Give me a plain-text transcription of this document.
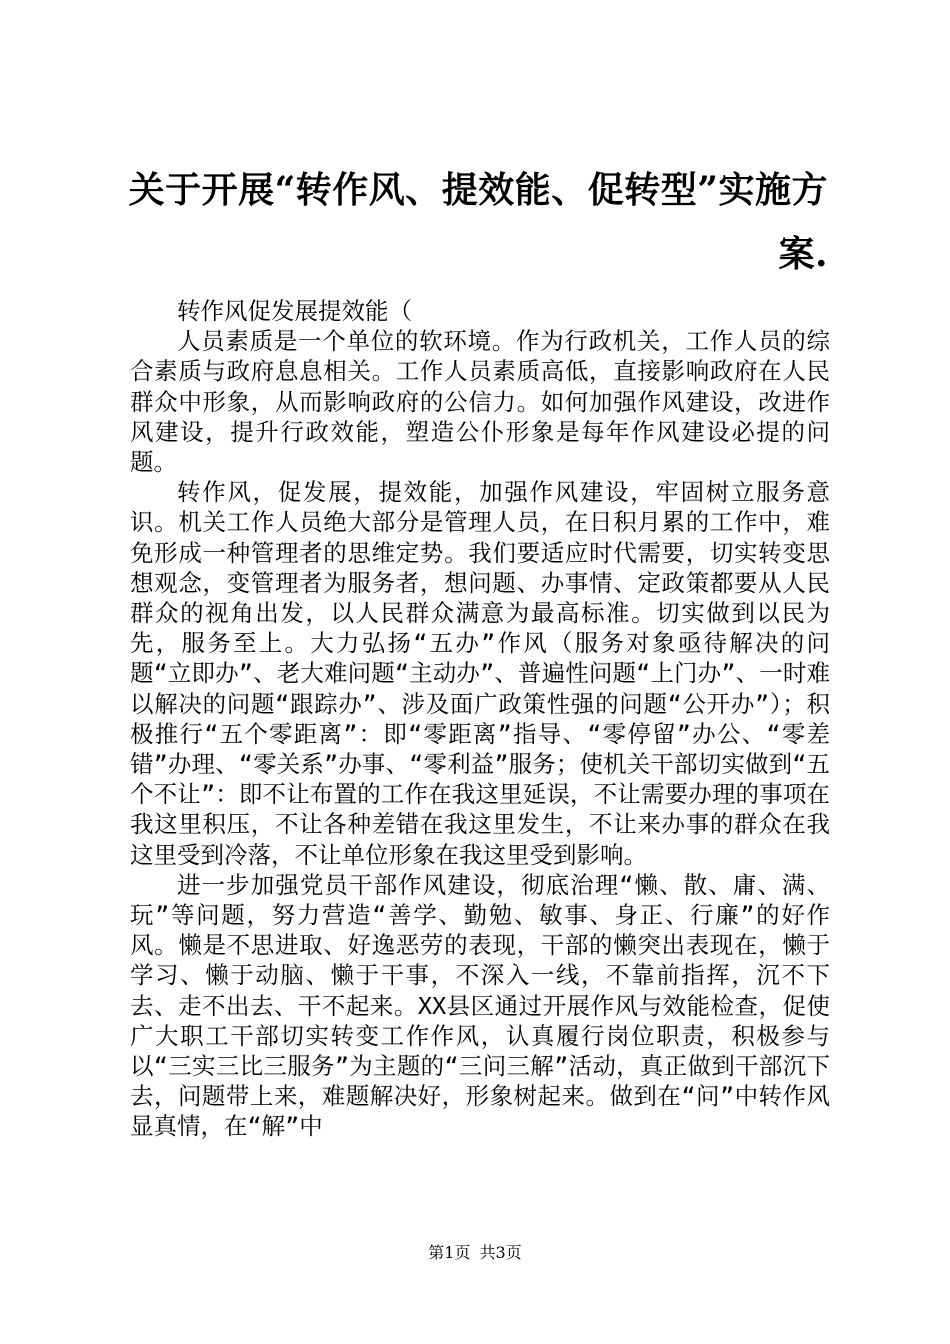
关于开展“转作风、提效能、促转型”实施方
案.

转作风促发展提效能（

人员素质是一个单位的软环境。作为行政机关，工作人员的综合素质与政府息息相关。工作人员素质高低，直接影响政府在人民群众中形象，从而影响政府的公信力。如何加强作风建设，改进作风建设，提升行政效能，塑造公仆形象是每年作风建设必提的问题。

转作风，促发展，提效能，加强作风建设，牢固树立服务意识。机关工作人员绝大部分是管理人员，在日积月累的工作中，难免形成一种管理者的思维定势。我们要适应时代需要，切实转变思想观念，变管理者为服务者，想问题、办事情、定政策都要从人民群众的视角出发，以人民群众满意为最高标准。切实做到以民为先，服务至上。大力弘扬“五办”作风（服务对象亟待解决的问题“立即办”、老大难问题“主动办”、普遍性问题“上门办”、一时难以解决的问题“跟踪办”、涉及面广政策性强的问题“公开办”）；积极推行“五个零距离”：即“零距离”指导、“零停留”办公、“零差错”办理、“零关系”办事、“零利益”服务；使机关干部切实做到“五个不让”：即不让布置的工作在我这里延误，不让需要办理的事项在我这里积压，不让各种差错在我这里发生，不让来办事的群众在我这里受到冷落，不让单位形象在我这里受到影响。

进一步加强党员干部作风建设，彻底治理“懒、散、庸、满、玩”等问题，努力营造“善学、勤勉、敏事、身正、行廉”的好作风。懒是不思进取、好逸恶劳的表现，干部的懒突出表现在，懒于学习、懒于动脑、懒于干事，不深入一线，不靠前指挥，沉不下去、走不出去、干不起来。XX县区通过开展作风与效能检查，促使广大职工干部切实转变工作作风，认真履行岗位职责，积极参与以“三实三比三服务”为主题的“三问三解”活动，真正做到干部沉下去，问题带上来，难题解决好，形象树起来。做到在“问”中转作风显真情，在“解”中

第1页 共3页
